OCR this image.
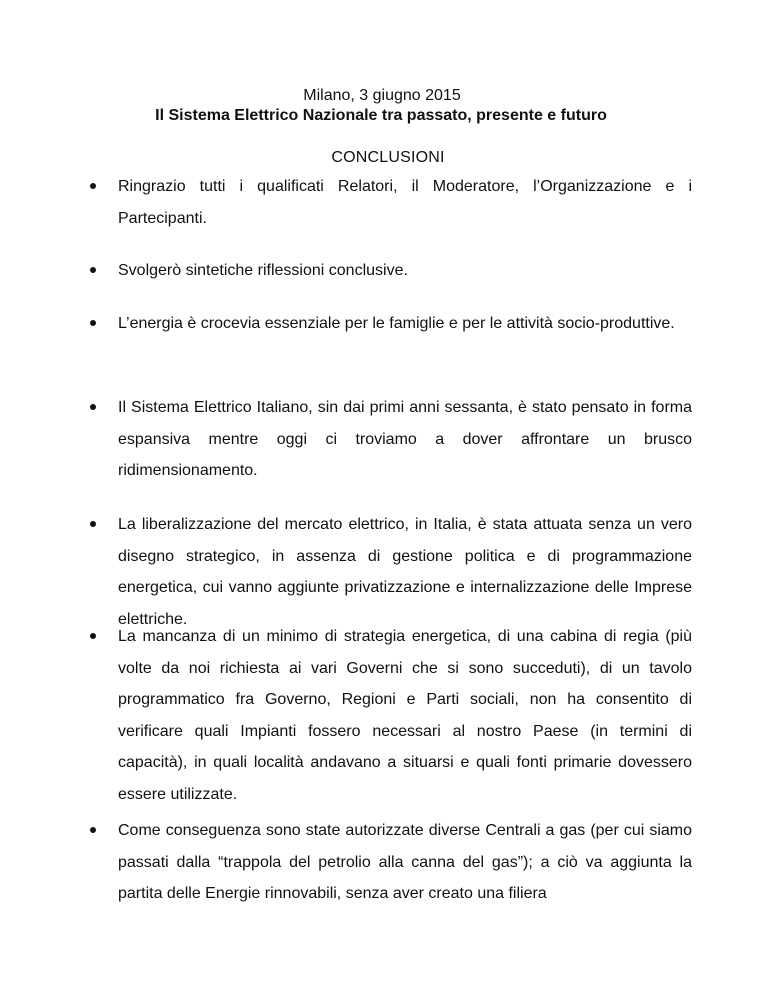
Milano, 3 giugno 2015
Il Sistema Elettrico Nazionale tra passato, presente e futuro
CONCLUSIONI
Ringrazio tutti i qualificati Relatori, il Moderatore, l’Organizzazione e i Partecipanti.
Svolgerò sintetiche riflessioni conclusive.
L’energia è crocevia essenziale per le famiglie e per le attività socio-produttive.
Il Sistema Elettrico Italiano, sin dai primi anni sessanta, è stato pensato in forma espansiva mentre oggi ci troviamo a dover affrontare un brusco ridimensionamento.
La liberalizzazione del mercato elettrico, in Italia, è stata attuata senza un vero disegno strategico, in assenza di gestione politica e di programmazione energetica, cui vanno aggiunte privatizzazione e internalizzazione delle Imprese elettriche.
La mancanza di un minimo di strategia energetica, di una cabina di regia (più volte da noi richiesta ai vari Governi che si sono succeduti), di un tavolo programmatico fra Governo, Regioni e Parti sociali, non ha consentito di verificare quali Impianti fossero necessari al nostro Paese (in termini di capacità), in quali località andavano a situarsi e quali fonti primarie dovessero essere utilizzate.
Come conseguenza sono state autorizzate diverse Centrali a gas (per cui siamo passati dalla “trappola del petrolio alla canna del gas”); a ciò va aggiunta la partita delle Energie rinnovabili, senza aver creato una filiera
